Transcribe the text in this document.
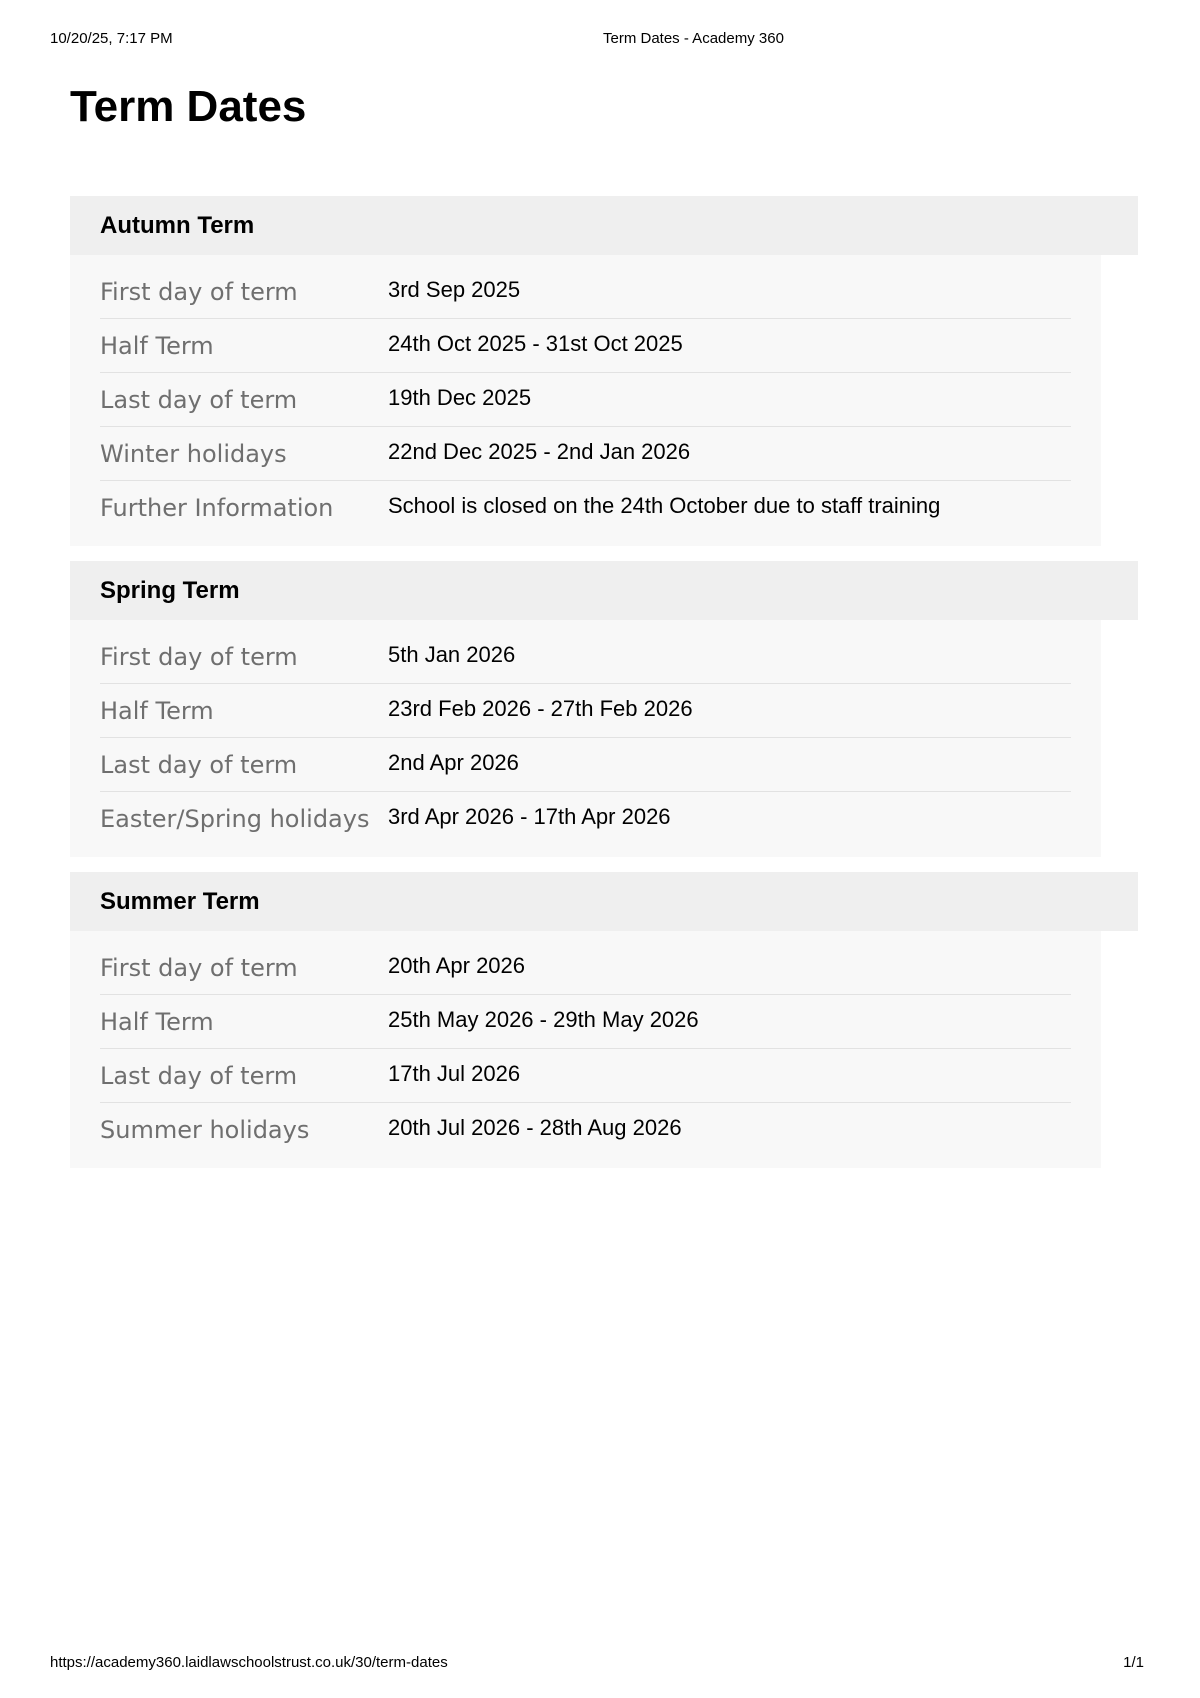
10/20/25, 7:17 PM	Term Dates - Academy 360
Term Dates
Autumn Term
First day of term	3rd Sep 2025
Half Term	24th Oct 2025 - 31st Oct 2025
Last day of term	19th Dec 2025
Winter holidays	22nd Dec 2025 - 2nd Jan 2026
Further Information	School is closed on the 24th October due to staff training
Spring Term
First day of term	5th Jan 2026
Half Term	23rd Feb 2026 - 27th Feb 2026
Last day of term	2nd Apr 2026
Easter/Spring holidays 3rd Apr 2026 - 17th Apr 2026
Summer Term
First day of term	20th Apr 2026
Half Term	25th May 2026 - 29th May 2026
Last day of term	17th Jul 2026
Summer holidays	20th Jul 2026 - 28th Aug 2026
https://academy360.laidlawschoolstrust.co.uk/30/term-dates	1/1
